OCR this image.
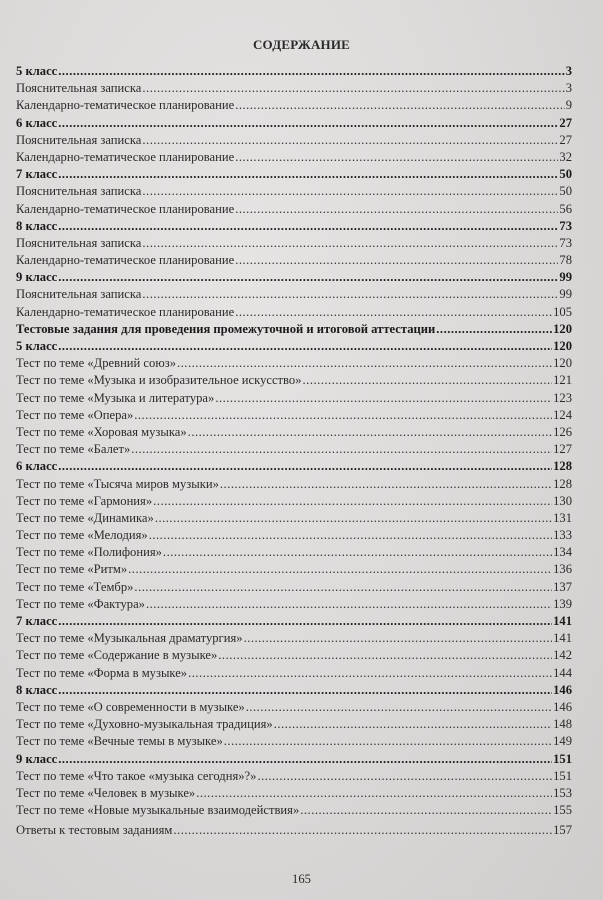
СОДЕРЖАНИЕ
5 класс .....	3
Пояснительная записка .....	3
Календарно-тематическое планирование .....	9
6 класс .....	27
Пояснительная записка .....	27
Календарно-тематическое планирование .....	32
7 класс .....	50
Пояснительная записка .....	50
Календарно-тематическое планирование .....	56
8 класс .....	73
Пояснительная записка .....	73
Календарно-тематическое планирование .....	78
9 класс .....	99
Пояснительная записка .....	99
Календарно-тематическое планирование .....	105
Тестовые задания для проведения промежуточной и итоговой аттестации .....	120
5 класс .....	120
Тест по теме «Древний союз» .....	120
Тест по теме «Музыка и изобразительное искусство» .....	121
Тест по теме «Музыка и литература» .....	123
Тест по теме «Опера» .....	124
Тест по теме «Хоровая музыка» .....	126
Тест по теме «Балет» .....	127
6 класс .....	128
Тест по теме «Тысяча миров музыки» .....	128
Тест по теме «Гармония» .....	130
Тест по теме «Динамика» .....	131
Тест по теме «Мелодия» .....	133
Тест по теме «Полифония» .....	134
Тест по теме «Ритм» .....	136
Тест по теме «Тембр» .....	137
Тест по теме «Фактура» .....	139
7 класс .....	141
Тест по теме «Музыкальная драматургия» .....	141
Тест по теме «Содержание в музыке» .....	142
Тест по теме «Форма в музыке» .....	144
8 класс .....	146
Тест по теме «О современности в музыке» .....	146
Тест по теме «Духовно-музыкальная традиция» .....	148
Тест по теме «Вечные темы в музыке» .....	149
9 класс .....	151
Тест по теме «Что такое «музыка сегодня»?» .....	151
Тест по теме «Человек в музыке» .....	153
Тест по теме «Новые музыкальные взаимодействия» .....	155
Ответы к тестовым заданиям .....	157
165
